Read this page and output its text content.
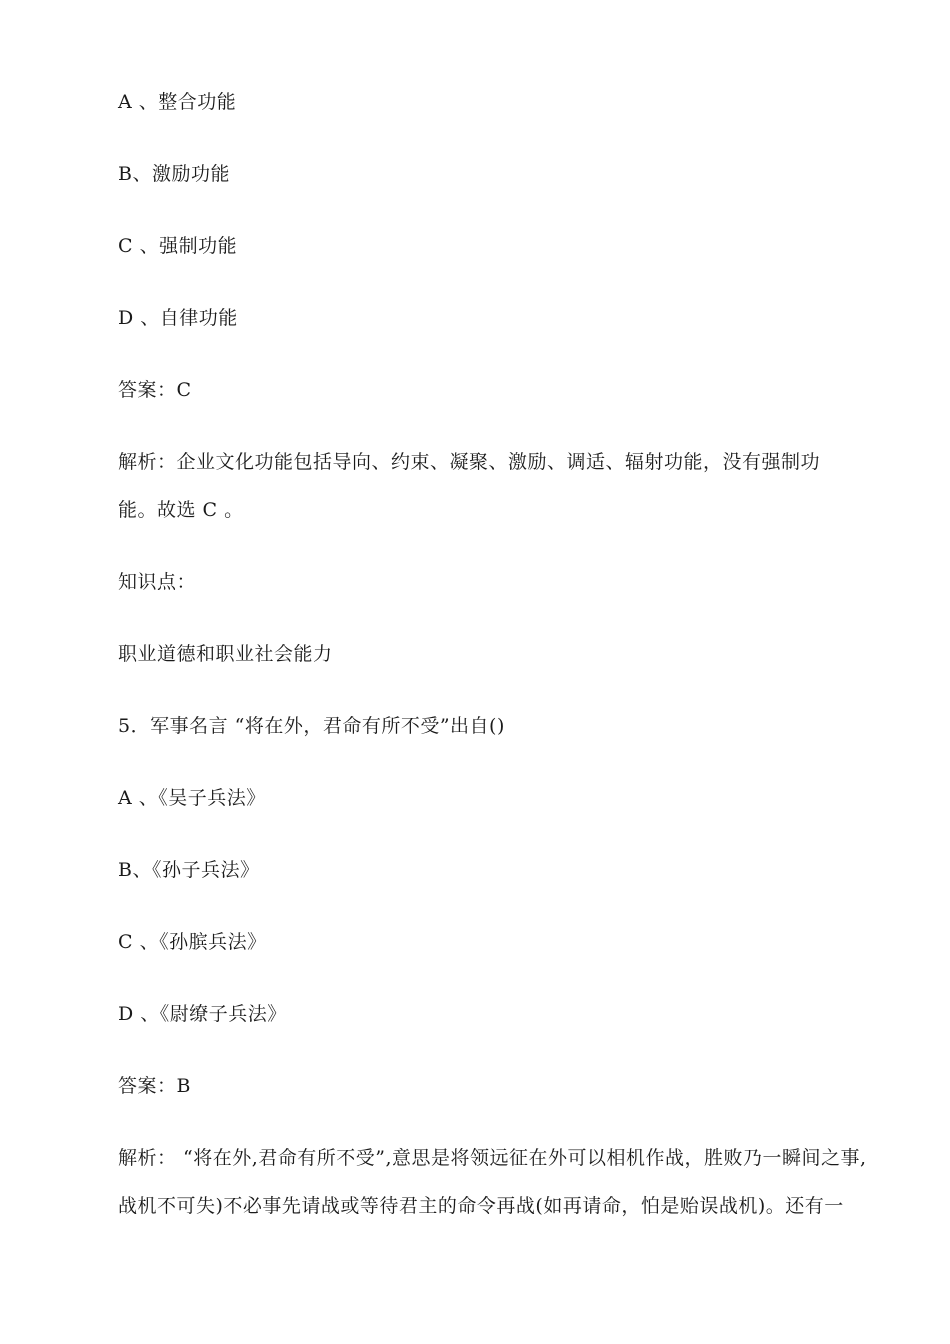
A 、整合功能
B、激励功能
C 、强制功能
D 、自律功能
答案：C
解析：企业文化功能包括导向、约束、凝聚、激励、调适、辐射功能，没有强制功
能。故选 C 。
知识点：
职业道德和职业社会能力
5．军事名言 “将在外，君命有所不受”出自()
A 、《吴子兵法》
B、《孙子兵法》
C 、《孙膑兵法》
D 、《尉缭子兵法》
答案：B
解析： “将在外,君命有所不受”,意思是将领远征在外可以相机作战，胜败乃一瞬间之事,
战机不可失)不必事先请战或等待君主的命令再战(如再请命，怕是贻误战机)。还有一
